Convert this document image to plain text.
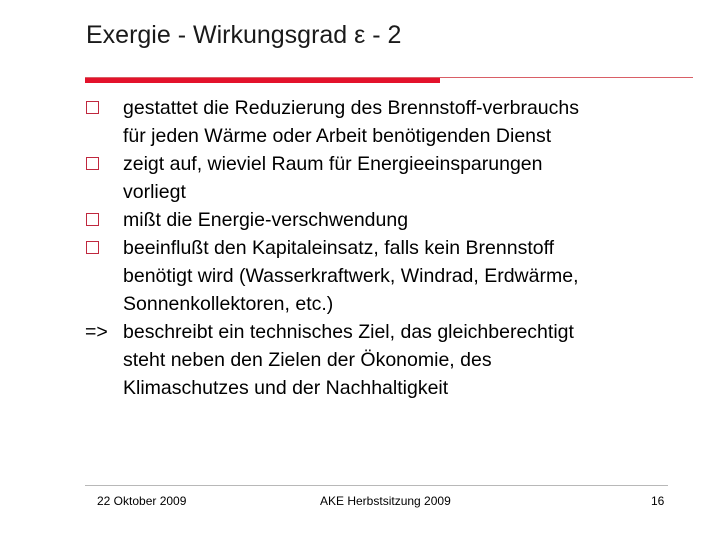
Exergie - Wirkungsgrad ε - 2
gestattet die Reduzierung des Brennstoff-verbrauchs
für jeden Wärme oder Arbeit benötigenden Dienst
zeigt auf, wieviel Raum für Energieeinsparungen
vorliegt
mißt die Energie-verschwendung
beeinflußt den Kapitaleinsatz, falls kein Brennstoff
benötigt wird (Wasserkraftwerk, Windrad, Erdwärme,
Sonnenkollektoren, etc.)
=> beschreibt ein technisches Ziel, das gleichberechtigt
steht neben den Zielen der Ökonomie, des
Klimaschutzes und der Nachhaltigkeit
22 Oktober 2009	AKE Herbstsitzung 2009	16
